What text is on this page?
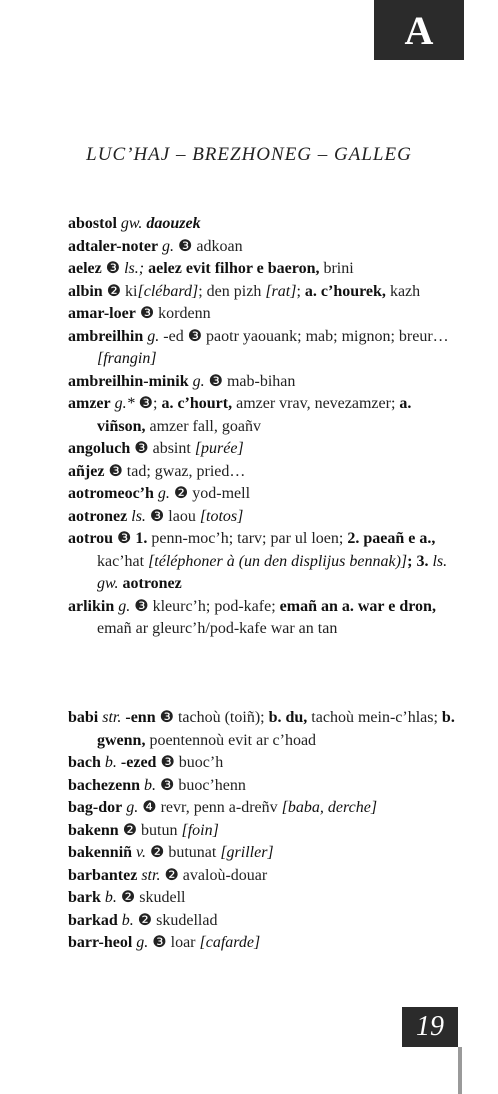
A
LUC’HAJ – BREZHONEG – GALLEG

abostol gw. daouzek

adtaler-noter g. ❸ adkoan

aelez ❸ ls.; aelez evit filhor e baeron, brini

albin ❷ ki[clébard]; den pizh [rat]; a. c’hourek, kazh

amar-loer ❸ kordenn

ambreilhin g. -ed ❸ paotr yaouank; mab; mignon; breur… [frangin]

ambreilhin-minik g. ❸ mab-bihan

amzer g.* ❸; a. c’hourt, amzer vrav, nevezamzer; a. viñson, amzer fall, goañv

angoluch ❸ absint [purée]

añjez ❸ tad; gwaz, pried…

aotromeoc’h g. ❷ yod-mell

aotronez ls. ❸ laou [totos]

aotrou ❸ 1. penn-moc’h; tarv; par ul loen; 2. paeañ e a., kac’hat [téléphoner à (un den displijus bennak)]; 3. ls. gw. aotronez

arlikin g. ❸ kleurc’h; pod-kafe; emañ an a. war e dron, emañ ar gleurc’h/pod-kafe war an tan

babi str. -enn ❸ tachoù (toiñ); b. du, tachoù mein-c’hlas; b. gwenn, poentennoù evit ar c’hoad

bach b. -ezed ❸ buoc’h

bachezenn b. ❸ buoc’henn

bag-dor g. ❹ revr, penn a-dreñv [baba, derche]

bakenn ❷ butun [foin]

bakenniñ v. ❷ butunat [griller]

barbantez str. ❷ avaloù-douar

bark b. ❷ skudell

barkad b. ❷ skudellad

barr-heol g. ❸ loar [cafarde]

19
